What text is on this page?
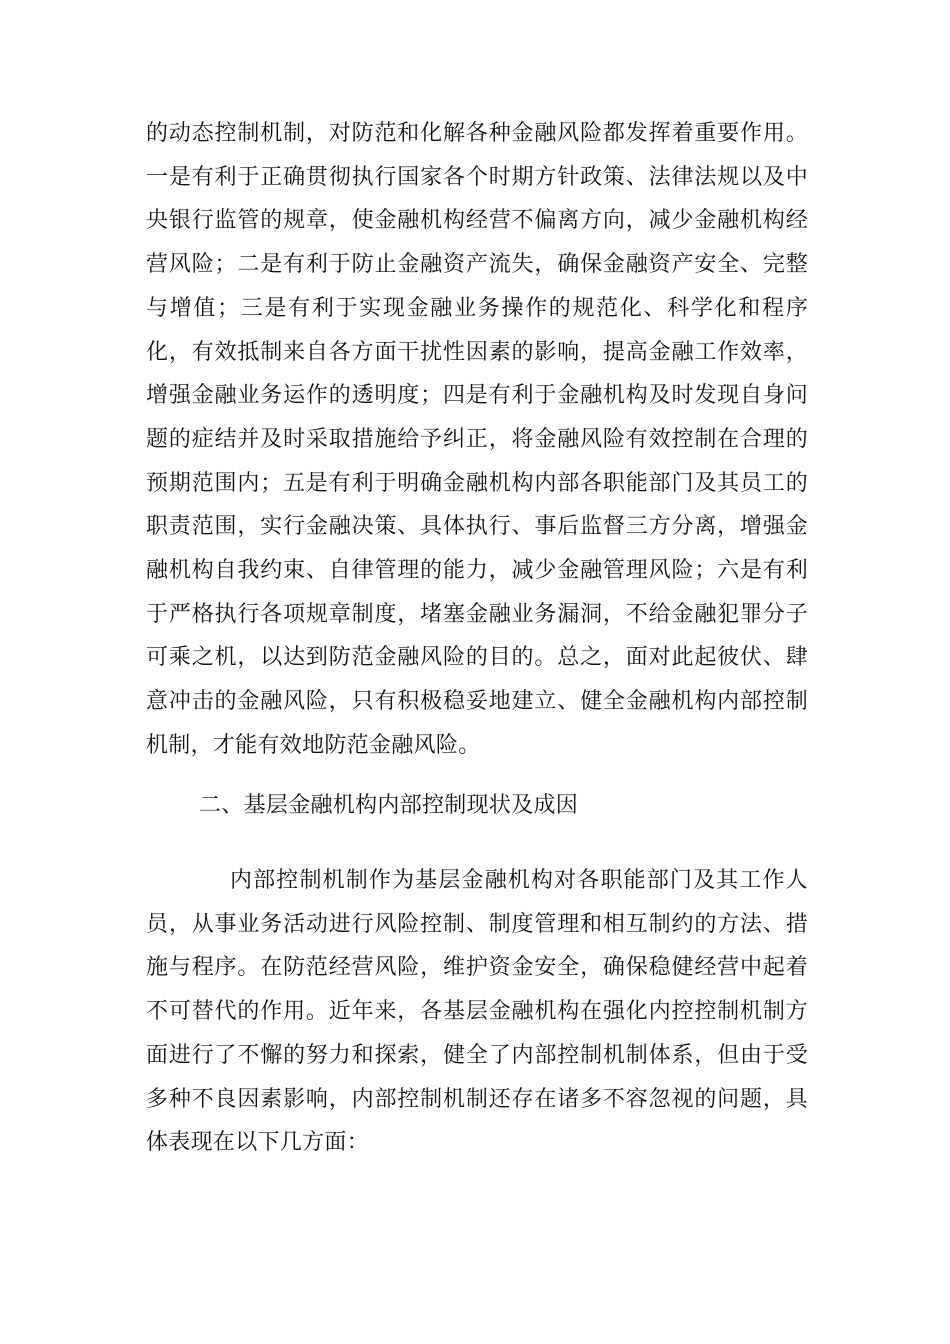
的动态控制机制，对防范和化解各种金融风险都发挥着重要作用。一是有利于正确贯彻执行国家各个时期方针政策、法律法规以及中央银行监管的规章，使金融机构经营不偏离方向，减少金融机构经营风险；二是有利于防止金融资产流失，确保金融资产安全、完整与增值；三是有利于实现金融业务操作的规范化、科学化和程序化，有效抵制来自各方面干扰性因素的影响，提高金融工作效率，增强金融业务运作的透明度；四是有利于金融机构及时发现自身问题的症结并及时采取措施给予纠正，将金融风险有效控制在合理的预期范围内；五是有利于明确金融机构内部各职能部门及其员工的职责范围，实行金融决策、具体执行、事后监督三方分离，增强金融机构自我约束、自律管理的能力，减少金融管理风险；六是有利于严格执行各项规章制度，堵塞金融业务漏洞，不给金融犯罪分子可乘之机，以达到防范金融风险的目的。总之，面对此起彼伏、肆意冲击的金融风险，只有积极稳妥地建立、健全金融机构内部控制机制，才能有效地防范金融风险。
二、基层金融机构内部控制现状及成因
内部控制机制作为基层金融机构对各职能部门及其工作人员，从事业务活动进行风险控制、制度管理和相互制约的方法、措施与程序。在防范经营风险，维护资金安全，确保稳健经营中起着不可替代的作用。近年来，各基层金融机构在强化内控控制机制方面进行了不懈的努力和探索，健全了内部控制机制体系，但由于受多种不良因素影响，内部控制机制还存在诸多不容忽视的问题，具体表现在以下几方面：
